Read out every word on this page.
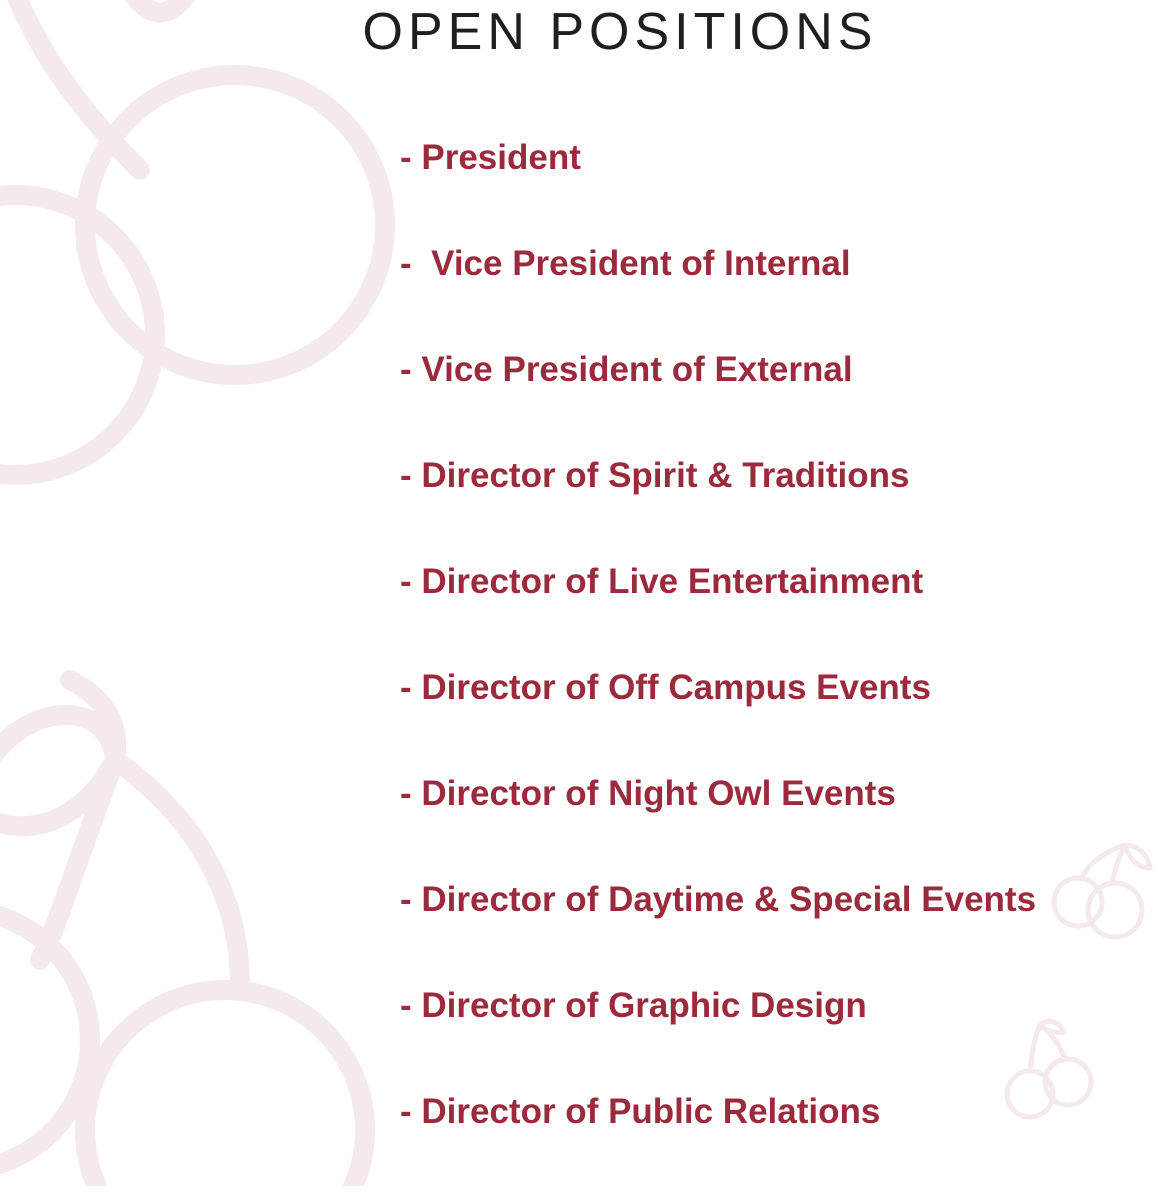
OPEN POSITIONS
- President
-  Vice President of Internal
- Vice President of External
- Director of Spirit & Traditions
- Director of Live Entertainment
- Director of Off Campus Events
- Director of Night Owl Events
- Director of Daytime & Special Events
- Director of Graphic Design
- Director of Public Relations
